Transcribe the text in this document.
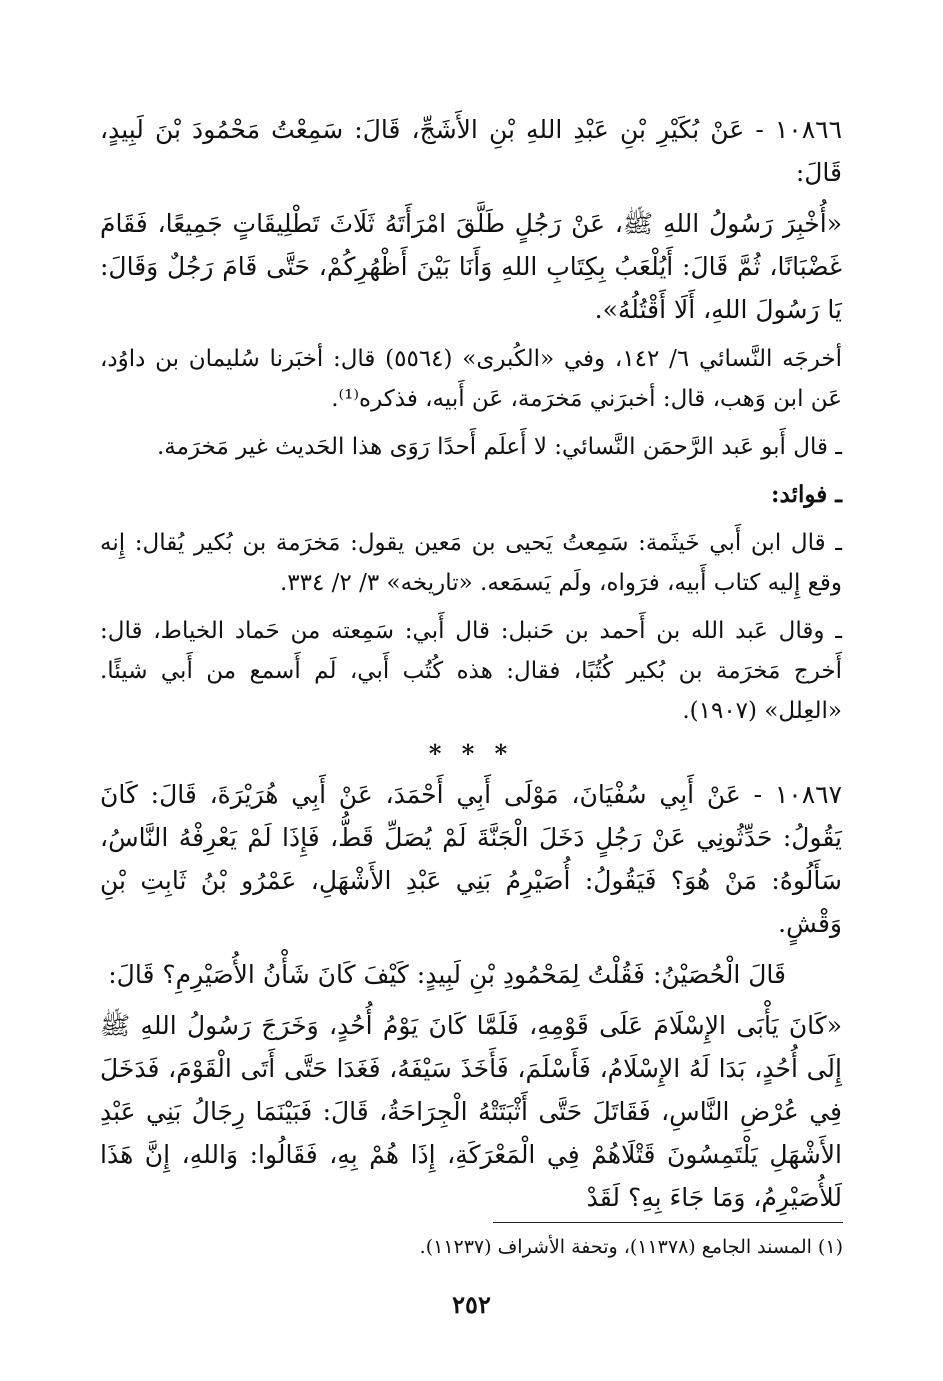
١٠٨٦٦ - عَنْ بُكَيْرِ بْنِ عَبْدِ اللهِ بْنِ الأَشَجِّ، قَالَ: سَمِعْتُ مَحْمُودَ بْنَ لَبِيدٍ، قَالَ:

«أُخْبِرَ رَسُولُ اللهِ ﷺ، عَنْ رَجُلٍ طَلَّقَ امْرَأَتَهُ ثَلَاثَ تَطْلِيقَاتٍ جَمِيعًا، فَقَامَ غَضْبَانًا، ثُمَّ قَالَ: أَيُلْعَبُ بِكِتَابِ اللهِ وَأَنَا بَيْنَ أَظْهُرِكُمْ، حَتَّى قَامَ رَجُلٌ وَقَالَ: يَا رَسُولَ اللهِ، أَلَا أَقْتُلُهُ».

أخرجَه النَّسائي ٦/ ١٤٢، وفي «الكُبرى» (٥٥٦٤) قال: أخبَرنا سُليمان بن داوُد، عَن ابن وَهب، قال: أخبرَني مَخرَمة، عَن أَبيه، فذكره⁽¹⁾.

ـ قال أَبو عَبد الرَّحمَن النَّسائي: لا أَعلَم أَحدًا رَوَى هذا الحَديث غير مَخرَمة.

ـ فوائد:

ـ قال ابن أَبي خَيثَمة: سَمِعتُ يَحيى بن مَعين يقول: مَخرَمة بن بُكير يُقال: إِنه وقع إِليه كتاب أَبيه، فرَواه، ولَم يَسمَعه. «تاريخه» ٣/ ٢/ ٣٣٤.

ـ وقال عَبد الله بن أَحمد بن حَنبل: قال أَبي: سَمِعته من حَماد الخياط، قال: أَخرج مَخرَمة بن بُكير كُتُبًا، فقال: هذه كُتُب أَبي، لَم أَسمع من أَبي شيئًا. «العِلل» (١٩٠٧).

* * *

١٠٨٦٧ - عَنْ أَبِي سُفْيَانَ، مَوْلَى أَبِي أَحْمَدَ، عَنْ أَبِي هُرَيْرَةَ، قَالَ: كَانَ يَقُولُ: حَدِّثُونِي عَنْ رَجُلٍ دَخَلَ الْجَنَّةَ لَمْ يُصَلِّ قَطُّ، فَإِذَا لَمْ يَعْرِفْهُ النَّاسُ، سَأَلُوهُ: مَنْ هُوَ؟ فَيَقُولُ: أُصَيْرِمُ بَنِي عَبْدِ الأَشْهَلِ، عَمْرُو بْنُ ثَابِتِ بْنِ وَقْشٍ.

قَالَ الْحُصَيْنُ: فَقُلْتُ لِمَحْمُودِ بْنِ لَبِيدٍ: كَيْفَ كَانَ شَأْنُ الأُصَيْرِمِ؟ قَالَ:

«كَانَ يَأْبَى الإِسْلَامَ عَلَى قَوْمِهِ، فَلَمَّا كَانَ يَوْمُ أُحُدٍ، وَخَرَجَ رَسُولُ اللهِ ﷺ إِلَى أُحُدٍ، بَدَا لَهُ الإِسْلَامُ، فَأَسْلَمَ، فَأَخَذَ سَيْفَهُ، فَغَدَا حَتَّى أَتَى الْقَوْمَ، فَدَخَلَ فِي عُرْضِ النَّاسِ، فَقَاتَلَ حَتَّى أَثْبَتَتْهُ الْجِرَاحَةُ، قَالَ: فَبَيْنَمَا رِجَالُ بَنِي عَبْدِ الأَشْهَلِ يَلْتَمِسُونَ قَتْلَاهُمْ فِي الْمَعْرَكَةِ، إِذَا هُمْ بِهِ، فَقَالُوا: وَاللهِ، إِنَّ هَذَا لَلأُصَيْرِمُ، وَمَا جَاءَ بِهِ؟ لَقَدْ

(١) المسند الجامع (١١٣٧٨)، وتحفة الأشراف (١١٢٣٧).
٢٥٢
